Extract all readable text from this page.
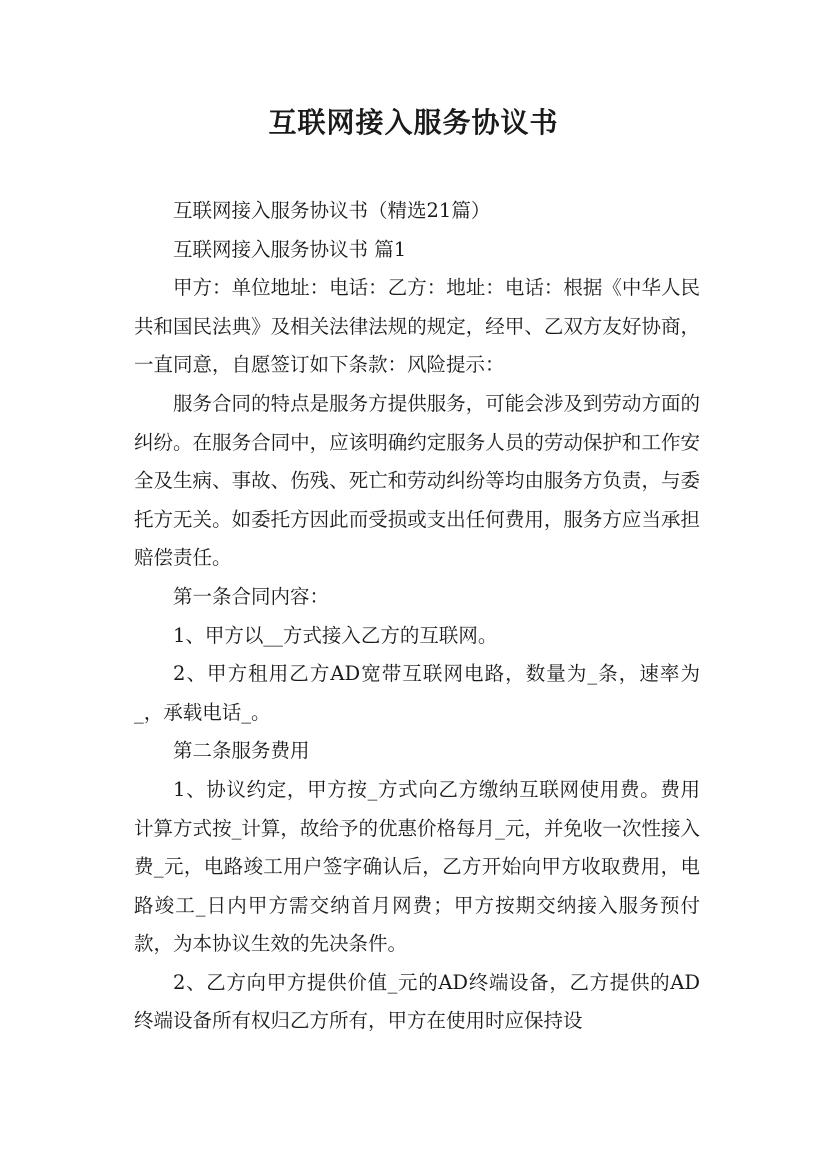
互联网接入服务协议书

互联网接入服务协议书（精选21篇）

互联网接入服务协议书 篇1

甲方：单位地址：电话：乙方：地址：电话：根据《中华人民共和国民法典》及相关法律法规的规定，经甲、乙双方友好协商，一直同意，自愿签订如下条款：风险提示：

服务合同的特点是服务方提供服务，可能会涉及到劳动方面的纠纷。在服务合同中，应该明确约定服务人员的劳动保护和工作安全及生病、事故、伤残、死亡和劳动纠纷等均由服务方负责，与委托方无关。如委托方因此而受损或支出任何费用，服务方应当承担赔偿责任。

第一条合同内容：

1、甲方以__方式接入乙方的互联网。

2、甲方租用乙方AD宽带互联网电路，数量为_条，速率为_，承载电话_。

第二条服务费用

1、协议约定，甲方按_方式向乙方缴纳互联网使用费。费用计算方式按_计算，故给予的优惠价格每月_元，并免收一次性接入费_元，电路竣工用户签字确认后，乙方开始向甲方收取费用，电路竣工_日内甲方需交纳首月网费；甲方按期交纳接入服务预付款，为本协议生效的先决条件。

2、乙方向甲方提供价值_元的AD终端设备，乙方提供的AD终端设备所有权归乙方所有，甲方在使用时应保持设
